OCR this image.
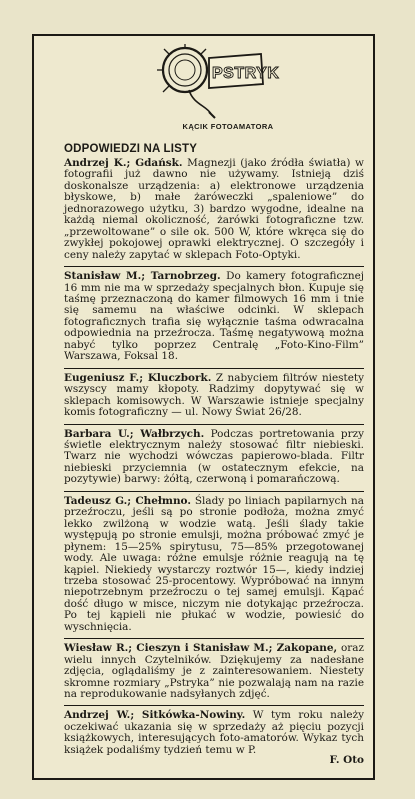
PSTRYK
KĄCIK FOTOAMATORA
ODPOWIEDZI NA LISTY
Andrzej K.; Gdańsk. Magnezji (jako źródła światła) w fotografii już dawno nie używamy. Istnieją dziś doskonalsze urządzenia: a) elektronowe urządzenia błyskowe, b) małe żaróweczki „spaleniowe” do jednorazowego użytku, 3) bardzo wygodne, idealne na każdą niemal okoliczność, żarówki fotograficzne tzw. „przewoltowane” o sile ok. 500 W, które wkręca się do zwykłej pokojowej oprawki elektrycznej. O szczegóły i ceny należy zapytać w sklepach Foto-Optyki.
Stanisław M.; Tarnobrzeg. Do kamery fotograficznej 16 mm nie ma w sprzedaży specjalnych błon. Kupuje się taśmę przeznaczoną do kamer filmowych 16 mm i tnie się samemu na właściwe odcinki. W sklepach fotograficznych trafia się wyłącznie taśma odwracalna odpowiednia na przeźrocza. Taśmę negatywową można nabyć tylko poprzez Centralę „Foto-Kino-Film” Warszawa, Foksal 18.
Eugeniusz F.; Kluczbork. Z nabyciem filtrów niestety wszyscy mamy kłopoty. Radzimy dopytywać się w sklepach komisowych. W Warszawie istnieje specjalny komis fotograficzny — ul. Nowy Świat 26/28.
Barbara U.; Wałbrzych. Podczas portretowania przy świetle elektrycznym należy stosować filtr niebieski. Twarz nie wychodzi wówczas papierowo-blada. Filtr niebieski przyciemnia (w ostatecznym efekcie, na pozytywie) barwy: żółtą, czerwoną i pomarańczową.
Tadeusz G.; Chełmno. Ślady po liniach papilarnych na przeźroczu, jeśli są po stronie podłoża, można zmyć lekko zwilżoną w wodzie watą. Jeśli ślady takie występują po stronie emulsji, można próbować zmyć je płynem: 15—25% spirytusu, 75—85% przegotowanej wody. Ale uwaga: różne emulsje różnie reagują na tę kąpiel. Niekiedy wystarczy roztwór 15—, kiedy indziej trzeba stosować 25-procentowy. Wypróbować na innym niepotrzebnym przeźroczu o tej samej emulsji. Kąpać dość długo w misce, niczym nie dotykając przeźrocza. Po tej kąpieli nie płukać w wodzie, powiesić do wyschnięcia.
Wiesław R.; Cieszyn i Stanisław M.; Zakopane, oraz wielu innych Czytelników. Dziękujemy za nadesłane zdjęcia, oglądaliśmy je z zainteresowaniem. Niestety skromne rozmiary „Pstryka” nie pozwalają nam na razie na reprodukowanie nadsyłanych zdjęć.
Andrzej W.; Sitkówka-Nowiny. W tym roku należy oczekiwać ukazania się w sprzedaży aż pięciu pozycji książkowych, interesujących foto-amatorów. Wykaz tych książek podaliśmy tydzień temu w P.
F. Oto
